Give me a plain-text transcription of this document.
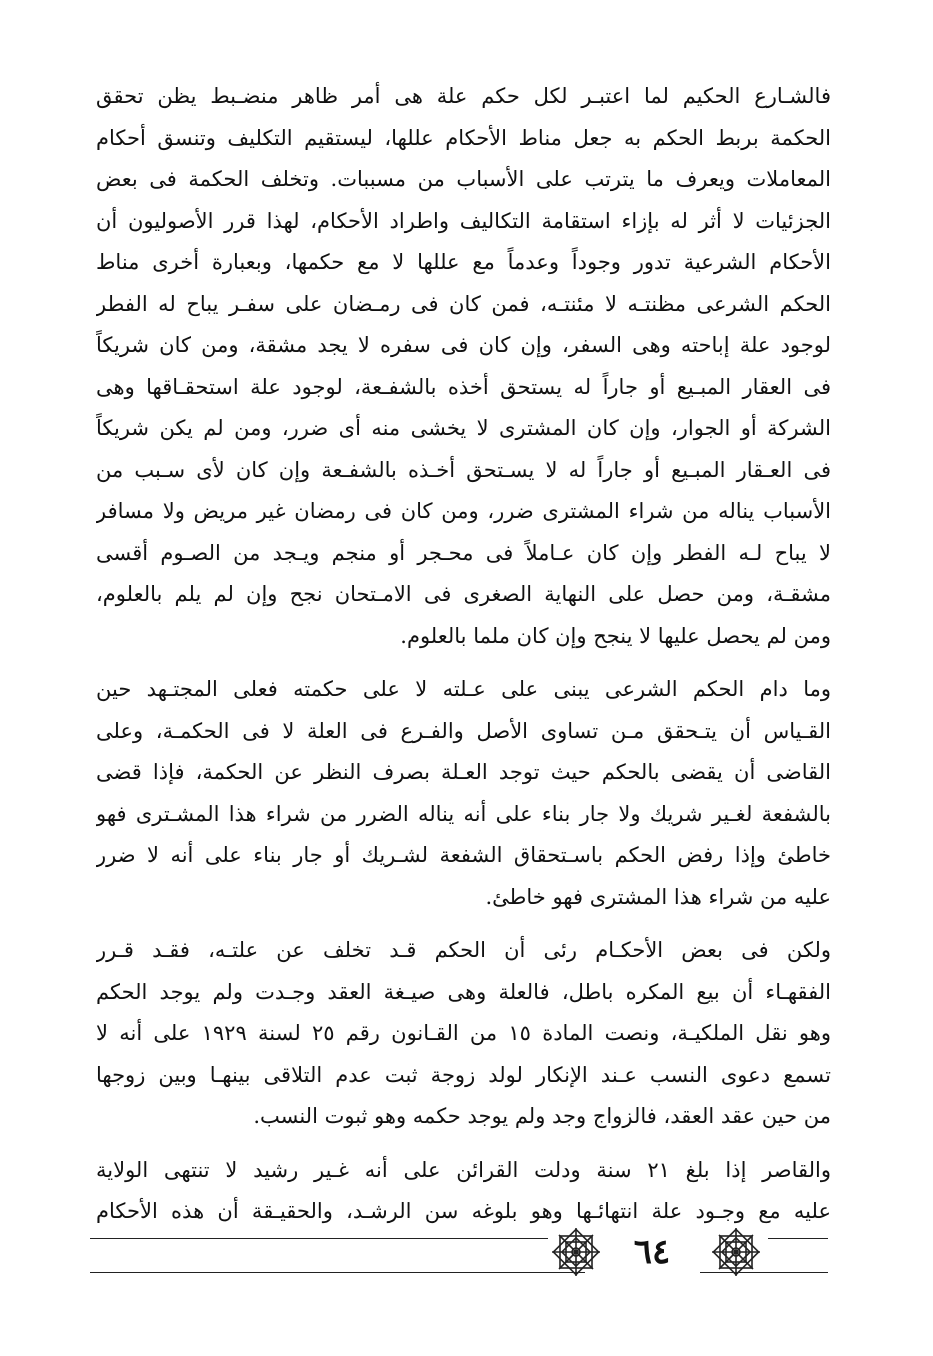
فالشـارع الحكيم لما اعتبـر لكل حكم علة هى أمر ظاهر منضـبط يظن تحقق
الحكمة بربط الحكم به جعل مناط الأحكام عللها، ليستقيم التكليف وتنسق أحكام
المعاملات ويعرف ما يترتب على الأسباب من مسببات. وتخلف الحكمة فى بعض
الجزئيات لا أثر له بإزاء استقامة التكاليف واطراد الأحكام، لهذا قرر الأصوليون أن
الأحكام الشرعية تدور وجوداً وعدماً مع عللها لا مع حكمها، وبعبارة أخرى مناط
الحكم الشرعى مظنتـه لا مئنتـه، فمن كان فى رمـضان على سفـر يباح له الفطر
لوجود علة إباحته وهى السفر، وإن كان فى سفره لا يجد مشقة، ومن كان شريكاً
فى العقار المبـيع أو جاراً له يستحق أخذه بالشفـعة، لوجود علة استحقـاقها وهى
الشركة أو الجوار، وإن كان المشترى لا يخشى منه أى ضرر، ومن لم يكن شريكاً
فى العـقار المبـيع أو جاراً له لا يسـتحق أخـذه بالشفـعة وإن كان لأى سـبب من
الأسباب يناله من شراء المشترى ضرر، ومن كان فى رمضان غير مريض ولا مسافر
لا يباح لـه الفطر وإن كان عـاملاً فى محـجر أو منجم ويـجد من الصـوم أقسى
مشقـة، ومن حصل على النهاية الصغرى فى الامـتحان نجح وإن لم يلم بالعلوم،
ومن لم يحصل عليها لا ينجح وإن كان ملما بالعلوم.
وما دام الحكم الشرعى يبنى على عـلته لا على حكمته فعلى المجتـهد حين
القـياس أن يتـحقق مـن تساوى الأصل والفـرع فى العلة لا فى الحكمـة، وعلى
القاضى أن يقضى بالحكم حيث توجد العـلة بصرف النظر عن الحكمة، فإذا قضى
بالشفعة لغـير شريك ولا جار بناء على أنه يناله الضرر من شراء هذا المشـترى فهو
خاطئ وإذا رفض الحكم باسـتحقاق الشفعة لشـريك أو جار بناء على أنه لا ضرر
عليه من شراء هذا المشترى فهو خاطئ.
ولكن فى بعض الأحكـام رئى أن الحكم قـد تخلف عن علتـه، فقـد قـرر
الفقهـاء أن بيع المكره باطل، فالعلة وهى صيـغة العقد وجـدت ولم يوجد الحكم
وهو نقل الملكيـة، ونصت المادة ١٥ من القـانون رقم ٢٥ لسنة ١٩٢٩ على أنه لا
تسمع دعوى النسب عـند الإنكار لولد زوجة ثبت عدم التلاقى بينهـا وبين زوجها
من حين عقد العقد، فالزواج وجد ولم يوجد حكمه وهو ثبوت النسب.
والقاصر إذا بلغ ٢١ سنة ودلت القرائن على أنه غـير رشيد لا تنتهى الولاية
عليه مع وجـود علة انتهائـها وهو بلوغه سن الرشـد، والحقيـقة أن هذه الأحكام
٦٤
